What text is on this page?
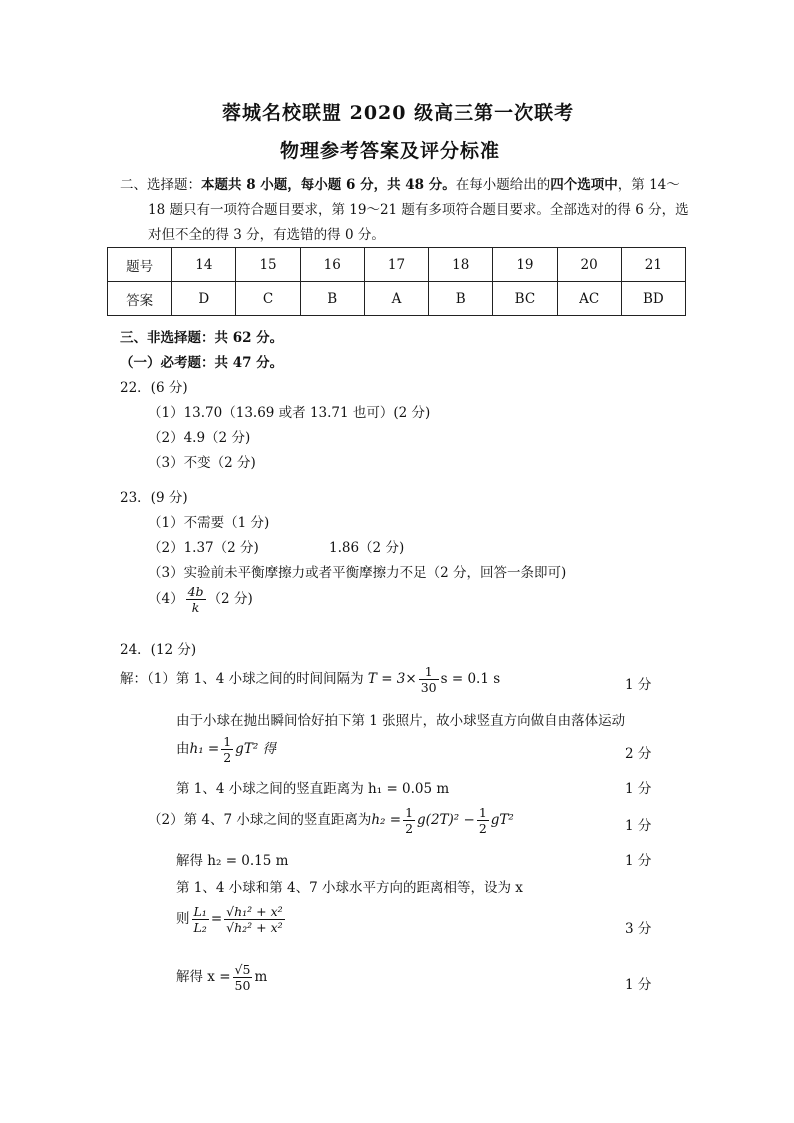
蓉城名校联盟 2020 级高三第一次联考
物理参考答案及评分标准
二、选择题：本题共 8 小题，每小题 6 分，共 48 分。在每小题给出的四个选项中，第 14～
18 题只有一项符合题目要求，第 19～21 题有多项符合题目要求。全部选对的得 6 分，选
对但不全的得 3 分，有选错的得 0 分。
题号	14	15	16	17	18	19	20	21
答案	D	C	B	A	B	BC	AC	BD
三、非选择题：共 62 分。
（一）必考题：共 47 分。
22．(6 分)
（1）13.70（13.69 或者 13.71 也可）(2 分)
（2）4.9（2 分)
（3）不变（2 分)
23．(9 分)
（1）不需要（1 分)
（2）1.37（2 分)	1.86（2 分)
（3）实验前未平衡摩擦力或者平衡摩擦力不足（2 分，回答一条即可)
$(4) \frac{4b}{k} (2$ 分)
24．(12 分)
解：（1）第 1、4 小球之间的时间间隔为 $T = 3\times \frac{1}{30}$ s = 0.1 s	1 分
由于小球在抛出瞬间恰好拍下第 1 张照片，故小球竖直方向做自由落体运动
由$h_1 = \frac{1}{2} gT^2$ 得	2 分
第 1、4 小球之间的竖直距离为 h₁ = 0.05 m	1 分
（2）第 4、7 小球之间的竖直距离为$h_2 = \frac{1}{2} g(2T)^2 - \frac{1}{2} gT^2$	1 分
解得 h₂ = 0.15 m	1 分
第 1、4 小球和第 4、7 小球水平方向的距离相等，设为 x
则 $\frac{\text{L₁}}{\text{L₂}} = \frac{\text{√h₁² + x²}}{\text{√h₂² + x²}}$	3 分
解得 $x = \frac{√5}{50}$ m	1 分
